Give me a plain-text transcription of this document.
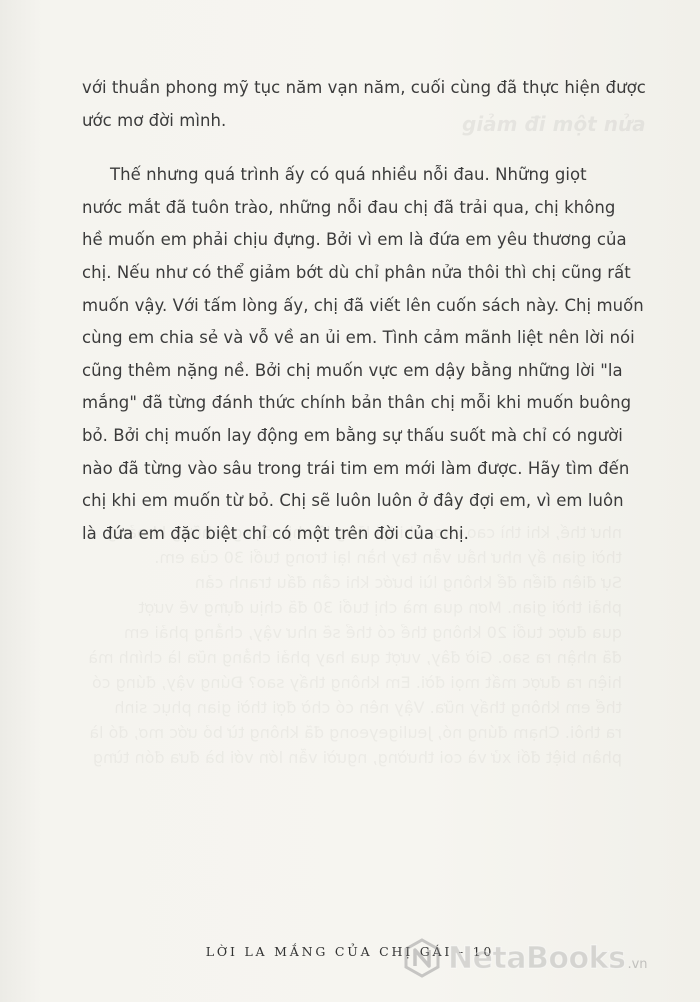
giảm đi một nửa

với thuần phong mỹ tục năm vạn năm, cuối cùng đã thực hiện được
ước mơ đời mình.

Thế nhưng quá trình ấy có quá nhiều nỗi đau. Những giọt
nước mắt đã tuôn trào, những nỗi đau chị đã trải qua, chị không
hề muốn em phải chịu đựng. Bởi vì em là đứa em yêu thương của
chị. Nếu như có thể giảm bớt dù chỉ phân nửa thôi thì chị cũng rất
muốn vậy. Với tấm lòng ấy, chị đã viết lên cuốn sách này. Chị muốn
cùng em chia sẻ và vỗ về an ủi em. Tình cảm mãnh liệt nên lời nói
cũng thêm nặng nề. Bởi chị muốn vực em dậy bằng những lời "la
mắng" đã từng đánh thức chính bản thân chị mỗi khi muốn buông
bỏ. Bởi chị muốn lay động em bằng sự thấu suốt mà chỉ có người
nào đã từng vào sâu trong trái tim em mới làm được. Hãy tìm đến
chị khi em muốn từ bỏ. Chị sẽ luôn luôn ở đây đợi em, vì em luôn
là đứa em đặc biệt chỉ có một trên đời của chị.

LỜI LA MẮNG CỦA CHỊ GÁI - 10
NetaBooks .vn
